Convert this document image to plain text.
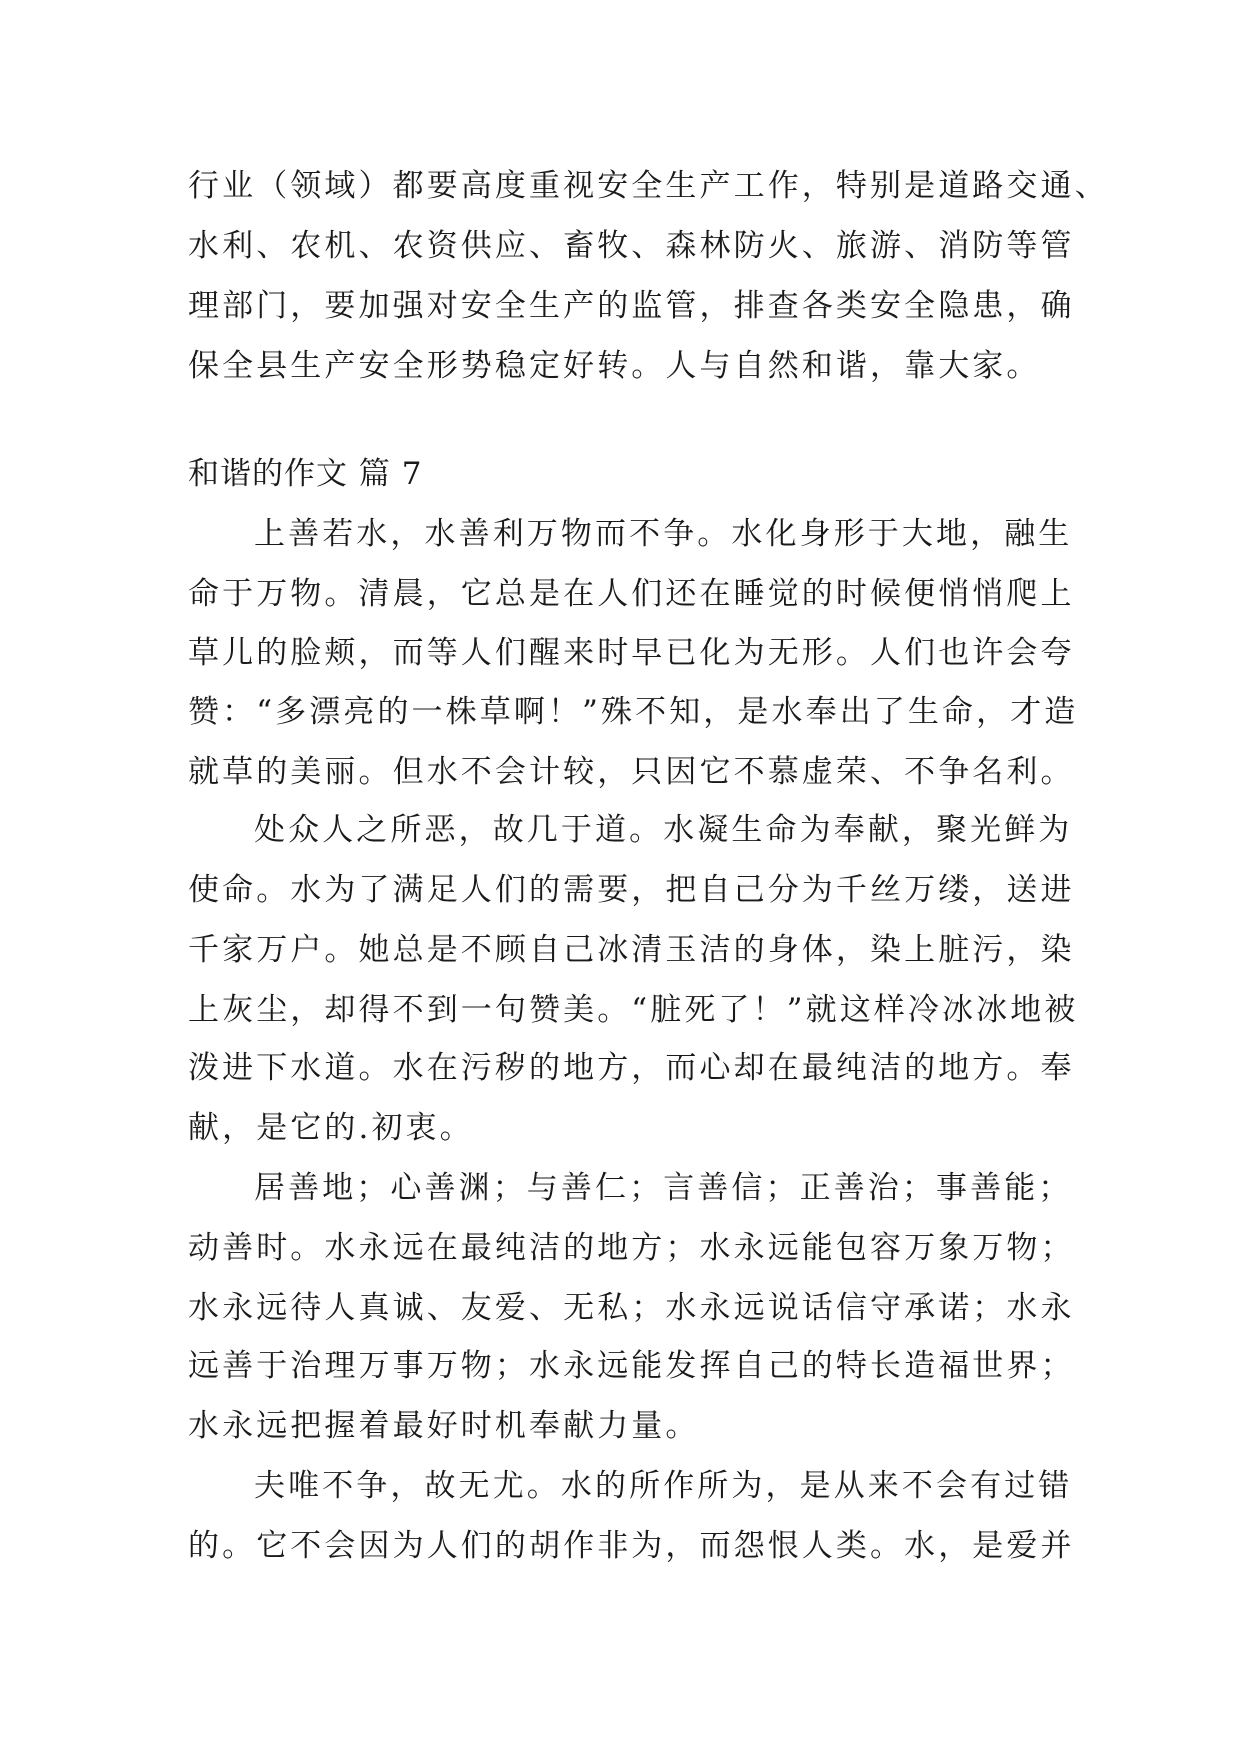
行业（领域）都要高度重视安全生产工作，特别是道路交通、
水利、农机、农资供应、畜牧、森林防火、旅游、消防等管
理部门，要加强对安全生产的监管，排查各类安全隐患，确
保全县生产安全形势稳定好转。人与自然和谐，靠大家。
和谐的作文 篇 7
上善若水，水善利万物而不争。水化身形于大地，融生
命于万物。清晨，它总是在人们还在睡觉的时候便悄悄爬上
草儿的脸颊，而等人们醒来时早已化为无形。人们也许会夸
赞：“多漂亮的一株草啊！”殊不知，是水奉出了生命，才造
就草的美丽。但水不会计较，只因它不慕虚荣、不争名利。
处众人之所恶，故几于道。水凝生命为奉献，聚光鲜为
使命。水为了满足人们的需要，把自己分为千丝万缕，送进
千家万户。她总是不顾自己冰清玉洁的身体，染上脏污，染
上灰尘，却得不到一句赞美。“脏死了！”就这样冷冰冰地被
泼进下水道。水在污秽的地方，而心却在最纯洁的地方。奉
献，是它的.初衷。
居善地；心善渊；与善仁；言善信；正善治；事善能；
动善时。水永远在最纯洁的地方；水永远能包容万象万物；
水永远待人真诚、友爱、无私；水永远说话信守承诺；水永
远善于治理万事万物；水永远能发挥自己的特长造福世界；
水永远把握着最好时机奉献力量。
夫唯不争，故无尤。水的所作所为，是从来不会有过错
的。它不会因为人们的胡作非为，而怨恨人类。水，是爱并
